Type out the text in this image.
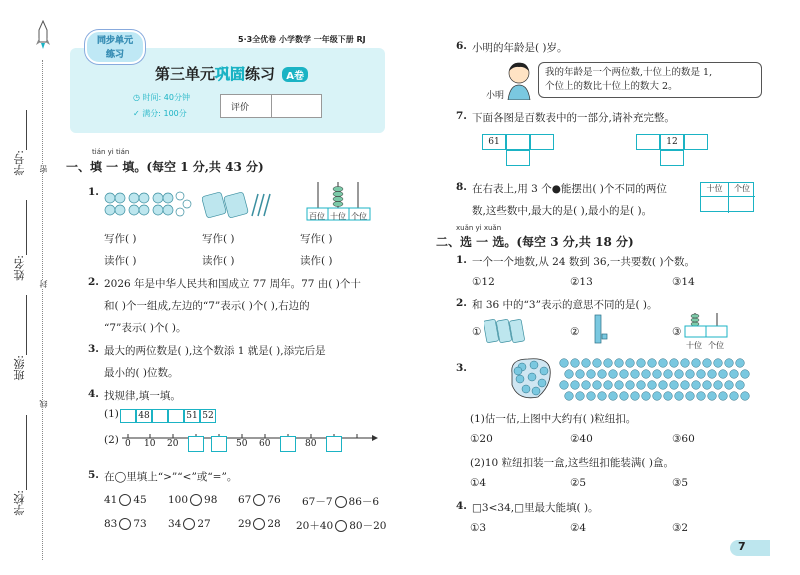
密
封
线
学号:
姓名:
班级:
学校:
同步单元练习
5·3全优卷 小学数学 一年级下册 RJ
第三单元巩固练习 A卷
◷ 时间: 40分钟
✓ 满分: 100分
评价
tián yi tián
一、填 一 填。(每空 1 分,共 43 分)
1.
百位 十位 个位
写作( )	写作( )	写作( )
读作( )	读作( )	读作( )
2. 2026 年是中华人民共和国成立 77 周年。77 由( )个十
和( )个一组成,左边的“7”表示( )个( ),右边的
“7”表示( )个( )。
3. 最大的两位数是( ),这个数添 1 就是( ),添完后是
最小的( )位数。
4. 找规律,填一填。
(1) 48	51 52
(2) 0 10 20	50 60	80
5. 在◯里填上“>”“<”或“=”。
41 45 100 98 67 76 67－7 86－6
83 73 34 27	29 28 20＋40 80－20
6. 小明的年龄是( )岁。
小明
我的年龄是一个两位数,十位上的数是 1,
个位上的数比十位上的数大 2。
7. 下面各图是百数表中的一部分,请补充完整。
61	12
8. 在右表上,用 3 个●能摆出( )个不同的两位
数,这些数中,最大的是( ),最小的是( )。
十位	个位
xuǎn yi xuǎn
二、选 一 选。(每空 3 分,共 18 分)
1. 一个一个地数,从 24 数到 36,一共要数( )个数。
①12	②13	③14
2. 和 36 中的“3”表示的意思不同的是( )。
①	②	③
十位 个位
3.
(1)估一估,上图中大约有( )粒纽扣。
①20	②40	③60
(2)10 粒纽扣装一盒,这些纽扣能装满( )盒。
①4	②5	③5
4. □3<34,□里最大能填( )。
①3	②4	③2
7
